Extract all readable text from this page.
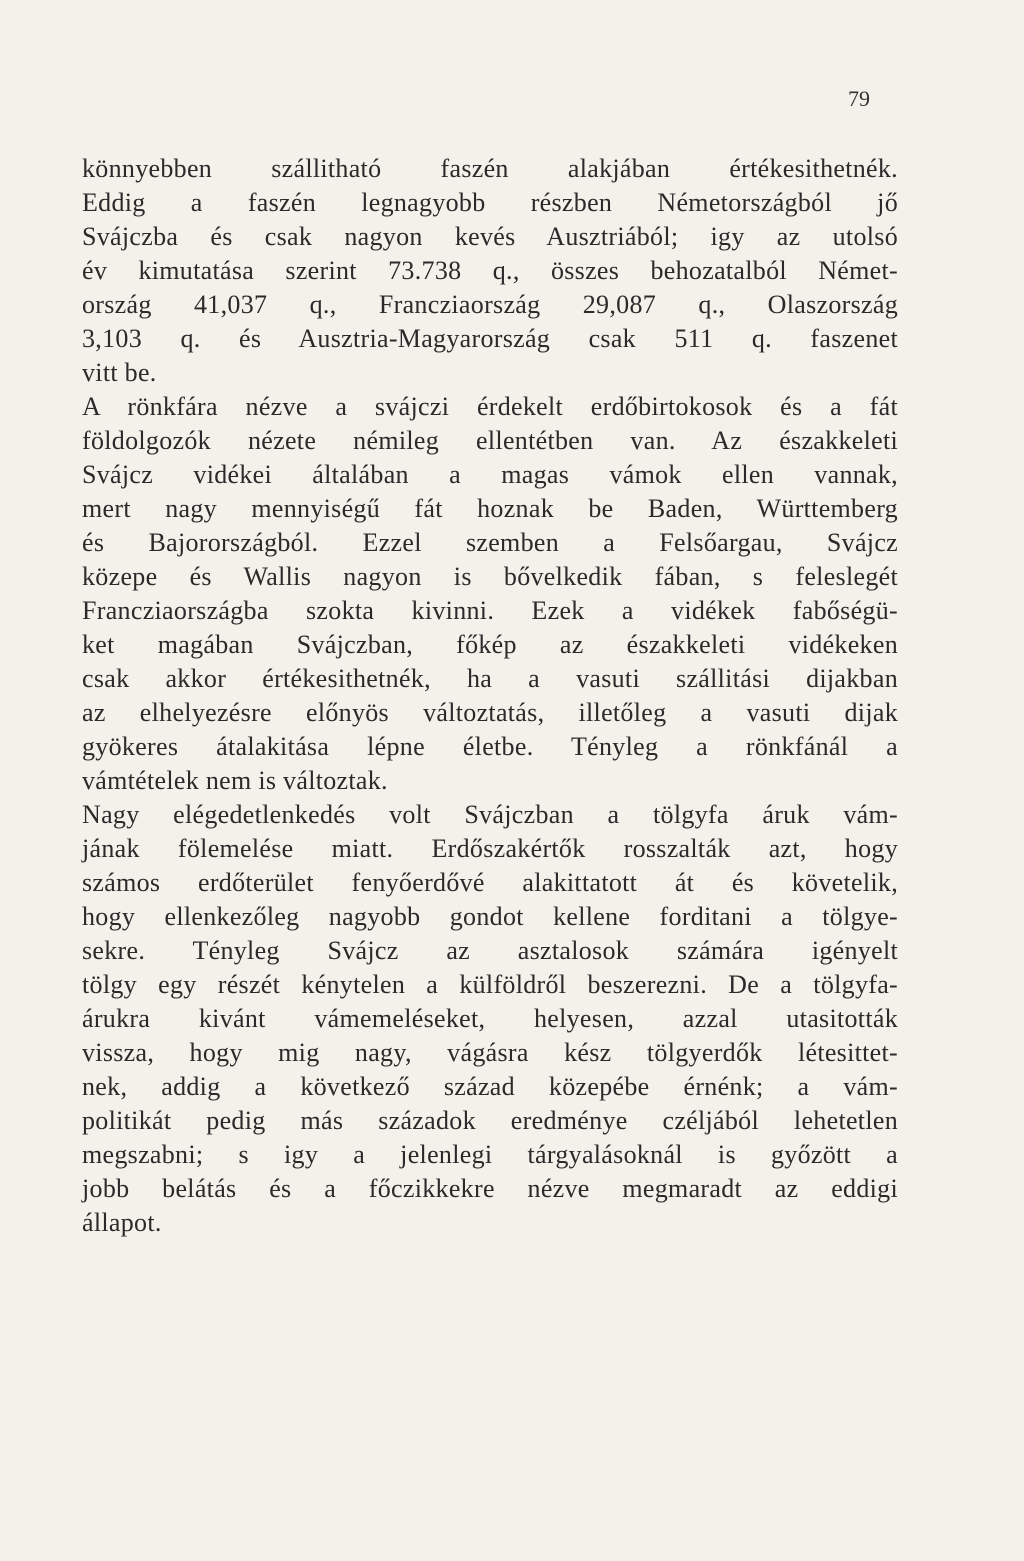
79
könnyebben szállitható faszén alakjában értékesithetnék.
Eddig a faszén legnagyobb részben Németországból jő
Svájczba és csak nagyon kevés Ausztriából; igy az utolsó
év kimutatása szerint 73.738 q., összes behozatalból Német-
ország 41,037 q., Francziaország 29,087 q., Olaszország
3,103 q. és Ausztria-Magyarország csak 511 q. faszenet
vitt be.
A rönkfára nézve a svájczi érdekelt erdőbirtokosok és a fát
földolgozók nézete némileg ellentétben van. Az északkeleti
Svájcz vidékei általában a magas vámok ellen vannak,
mert nagy mennyiségű fát hoznak be Baden, Württemberg
és Bajorországból. Ezzel szemben a Felsőargau, Svájcz
közepe és Wallis nagyon is bővelkedik fában, s feleslegét
Francziaországba szokta kivinni. Ezek a vidékek fabőségü-
ket magában Svájczban, főkép az északkeleti vidékeken
csak akkor értékesithetnék, ha a vasuti szállitási dijakban
az elhelyezésre előnyös változtatás, illetőleg a vasuti dijak
gyökeres átalakitása lépne életbe. Tényleg a rönkfánál a
vámtételek nem is változtak.
Nagy elégedetlenkedés volt Svájczban a tölgyfa áruk vám-
jának fölemelése miatt. Erdőszakértők rosszalták azt, hogy
számos erdőterület fenyőerdővé alakittatott át és követelik,
hogy ellenkezőleg nagyobb gondot kellene forditani a tölgye-
sekre. Tényleg Svájcz az asztalosok számára igényelt
tölgy egy részét kénytelen a külföldről beszerezni. De a tölgyfa-
árukra kivánt vámemeléseket, helyesen, azzal utasitották
vissza, hogy mig nagy, vágásra kész tölgyerdők létesittet-
nek, addig a következő század közepébe érnénk; a vám-
politikát pedig más századok eredménye czéljából lehetetlen
megszabni; s igy a jelenlegi tárgyalásoknál is győzött a
jobb belátás és a főczikkekre nézve megmaradt az eddigi
állapot.
